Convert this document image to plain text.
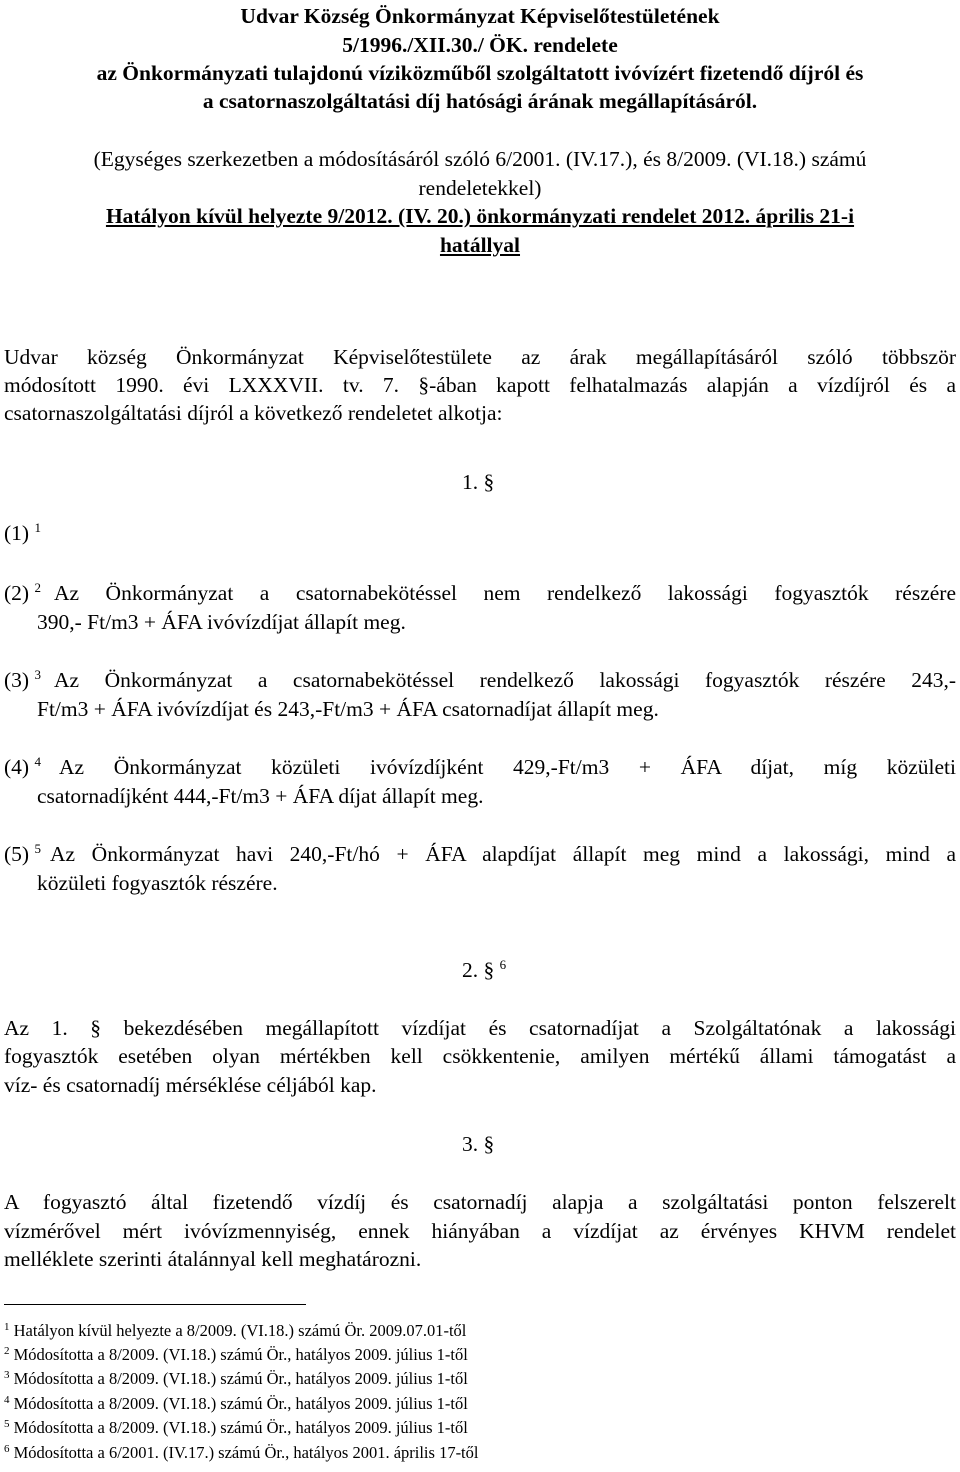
Udvar Község Önkormányzat Képviselőtestületének
5/1996./XII.30./ ÖK. rendelete
az Önkormányzati tulajdonú víziközműből szolgáltatott ivóvízért fizetendő díjról és
a csatornaszolgáltatási díj hatósági árának megállapításáról.
(Egységes szerkezetben a módosításáról szóló 6/2001. (IV.17.), és 8/2009. (VI.18.) számú
rendeletekkel)
Hatályon kívül helyezte 9/2012. (IV. 20.) önkormányzati rendelet 2012. április 21-i
hatállyal
Udvar község Önkormányzat Képviselőtestülete az árak megállapításáról szóló többször
módosított 1990. évi LXXXVII. tv. 7. §-ában kapott felhatalmazás alapján a vízdíjról és a
csatornaszolgáltatási díjról a következő rendeletet alkotja:
1. §
(1) $^1$
(2) $^2$ Az Önkormányzat a csatornabekötéssel nem rendelkező lakossági fogyasztók részére
390,- Ft/m3 + ÁFA ivóvízdíjat állapít meg.
(3) $^3$ Az Önkormányzat a csatornabekötéssel rendelkező lakossági fogyasztók részére 243,-
Ft/m3 + ÁFA ivóvízdíjat és 243,-Ft/m3 + ÁFA csatornadíjat állapít meg.
(4) $^4$ Az Önkormányzat közületi ivóvízdíjként 429,-Ft/m3 + ÁFA díjat, míg közületi
csatornadíjként 444,-Ft/m3 + ÁFA díjat állapít meg.
(5) $^5$ Az Önkormányzat havi 240,-Ft/hó + ÁFA alapdíjat állapít meg mind a lakossági, mind a
közületi fogyasztók részére.
2. § $^6$
Az 1. § bekezdésében megállapított vízdíjat és csatornadíjat a Szolgáltatónak a lakossági
fogyasztók esetében olyan mértékben kell csökkentenie, amilyen mértékű állami támogatást a
víz- és csatornadíj mérséklése céljából kap.
3. §
A fogyasztó által fizetendő vízdíj és csatornadíj alapja a szolgáltatási ponton felszerelt
vízmérővel mért ivóvízmennyiség, ennek hiányában a vízdíjat az érvényes KHVM rendelet
melléklete szerinti átalánnyal kell meghatározni.
$^1$ Hatályon kívül helyezte a 8/2009. (VI.18.) számú Ör. 2009.07.01-től
$^2$ Módosította a 8/2009. (VI.18.) számú Ör., hatályos 2009. július 1-től
$^3$ Módosította a 8/2009. (VI.18.) számú Ör., hatályos 2009. július 1-től
$^4$ Módosította a 8/2009. (VI.18.) számú Ör., hatályos 2009. július 1-től
$^5$ Módosította a 8/2009. (VI.18.) számú Ör., hatályos 2009. július 1-től
$^6$ Módosította a 6/2001. (IV.17.) számú Ör., hatályos 2001. április 17-től
